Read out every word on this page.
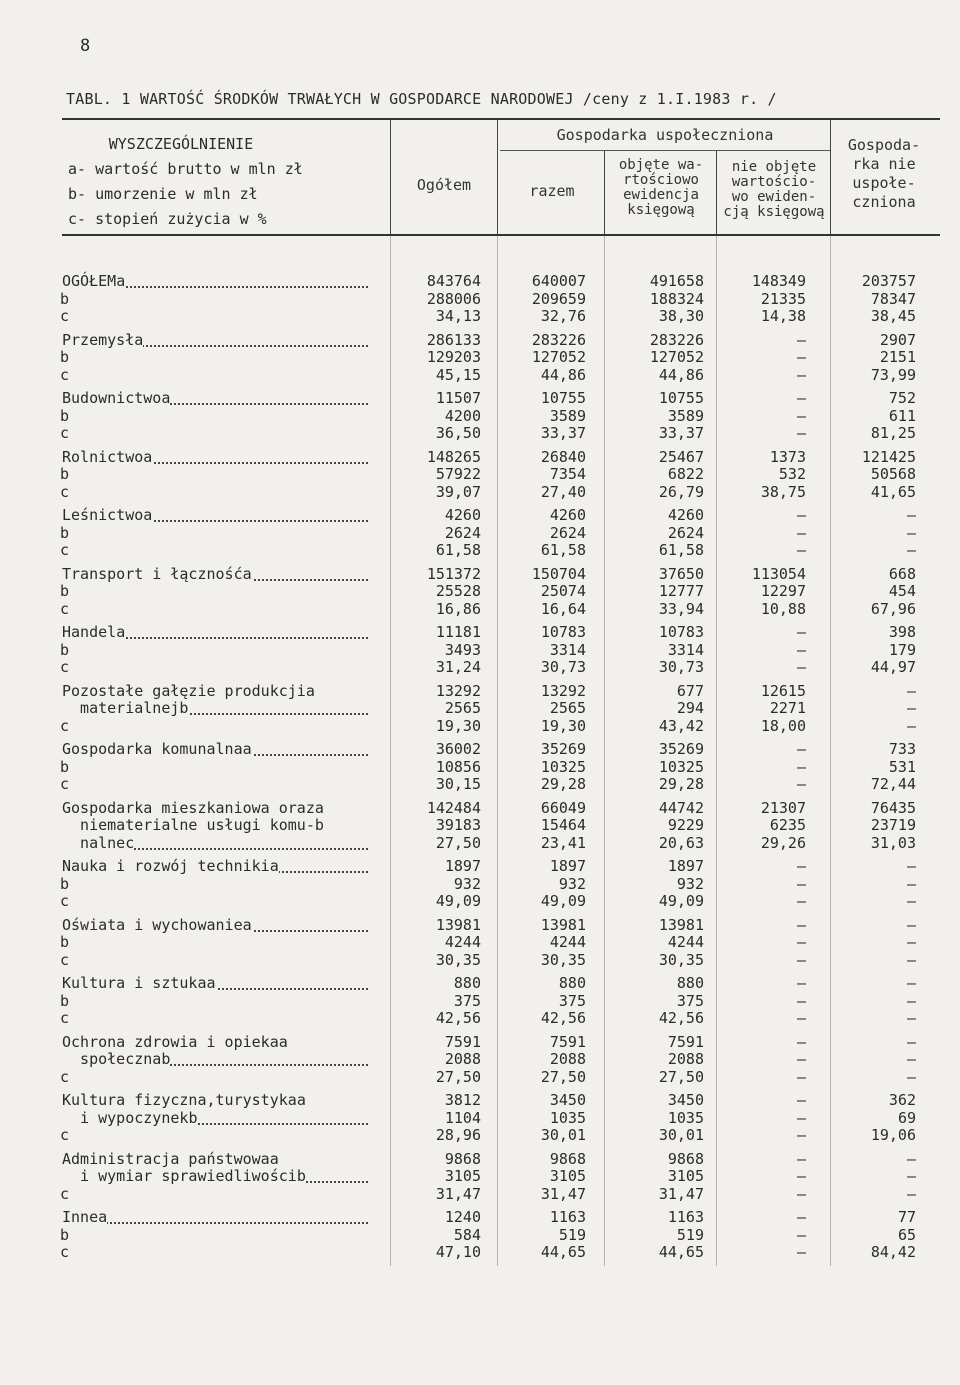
8
TABL. 1 WARTOŚĆ ŚRODKÓW TRWAŁYCH W GOSPODARCE NARODOWEJ /ceny z 1.I.1983 r. /
WYSZCZEGÓLNIENIE
a- wartość brutto w mln zł
b- umorzenie w mln zł
c- stopień zużycia w %
Ogółem
Gospodarka uspołeczniona
razem
objęte wa-
rtościowo
ewidencja
księgową
nie objęte
wartościo-
wo ewiden-
cją księgową
Gospoda-
rka nie
uspołe-
czniona
OGÓŁEMa
b
c
843764
288006
34,13
640007
209659
32,76
491658
188324
38,30
148349
21335
14,38
203757
78347
38,45
Przemysła
b
c
286133
129203
45,15
283226
127052
44,86
283226
127052
44,86
–
–
–
2907
2151
73,99
Budownictwoa
b
c
11507
4200
36,50
10755
3589
33,37
10755
3589
33,37
–
–
–
752
611
81,25
Rolnictwoa
b
c
148265
57922
39,07
26840
7354
27,40
25467
6822
26,79
1373
532
38,75
121425
50568
41,65
Leśnictwoa
b
c
4260
2624
61,58
4260
2624
61,58
4260
2624
61,58
–
–
–
–
–
–
Transport i łącznośća
b
c
151372
25528
16,86
150704
25074
16,64
37650
12777
33,94
113054
12297
10,88
668
454
67,96
Handela
b
c
11181
3493
31,24
10783
3314
30,73
10783
3314
30,73
–
–
–
398
179
44,97
Pozostałe gałęzie produkcjia
materialnejb
c
13292
2565
19,30
13292
2565
19,30
677
294
43,42
12615
2271
18,00
–
–
–
Gospodarka komunalnaa
b
c
36002
10856
30,15
35269
10325
29,28
35269
10325
29,28
–
–
–
733
531
72,44
Gospodarka mieszkaniowa oraza
niematerialne usługi komu-b
nalnec
142484
39183
27,50
66049
15464
23,41
44742
9229
20,63
21307
6235
29,26
76435
23719
31,03
Nauka i rozwój technikia
b
c
1897
932
49,09
1897
932
49,09
1897
932
49,09
–
–
–
–
–
–
Oświata i wychowaniea
b
c
13981
4244
30,35
13981
4244
30,35
13981
4244
30,35
–
–
–
–
–
–
Kultura i sztukaa
b
c
880
375
42,56
880
375
42,56
880
375
42,56
–
–
–
–
–
–
Ochrona zdrowia i opiekaa
społecznab
c
7591
2088
27,50
7591
2088
27,50
7591
2088
27,50
–
–
–
–
–
–
Kultura fizyczna,turystykaa
i wypoczynekb
c
3812
1104
28,96
3450
1035
30,01
3450
1035
30,01
–
–
–
362
69
19,06
Administracja państwowaa
i wymiar sprawiedliwościb
c
9868
3105
31,47
9868
3105
31,47
9868
3105
31,47
–
–
–
–
–
–
Innea
b
c
1240
584
47,10
1163
519
44,65
1163
519
44,65
–
–
–
77
65
84,42
